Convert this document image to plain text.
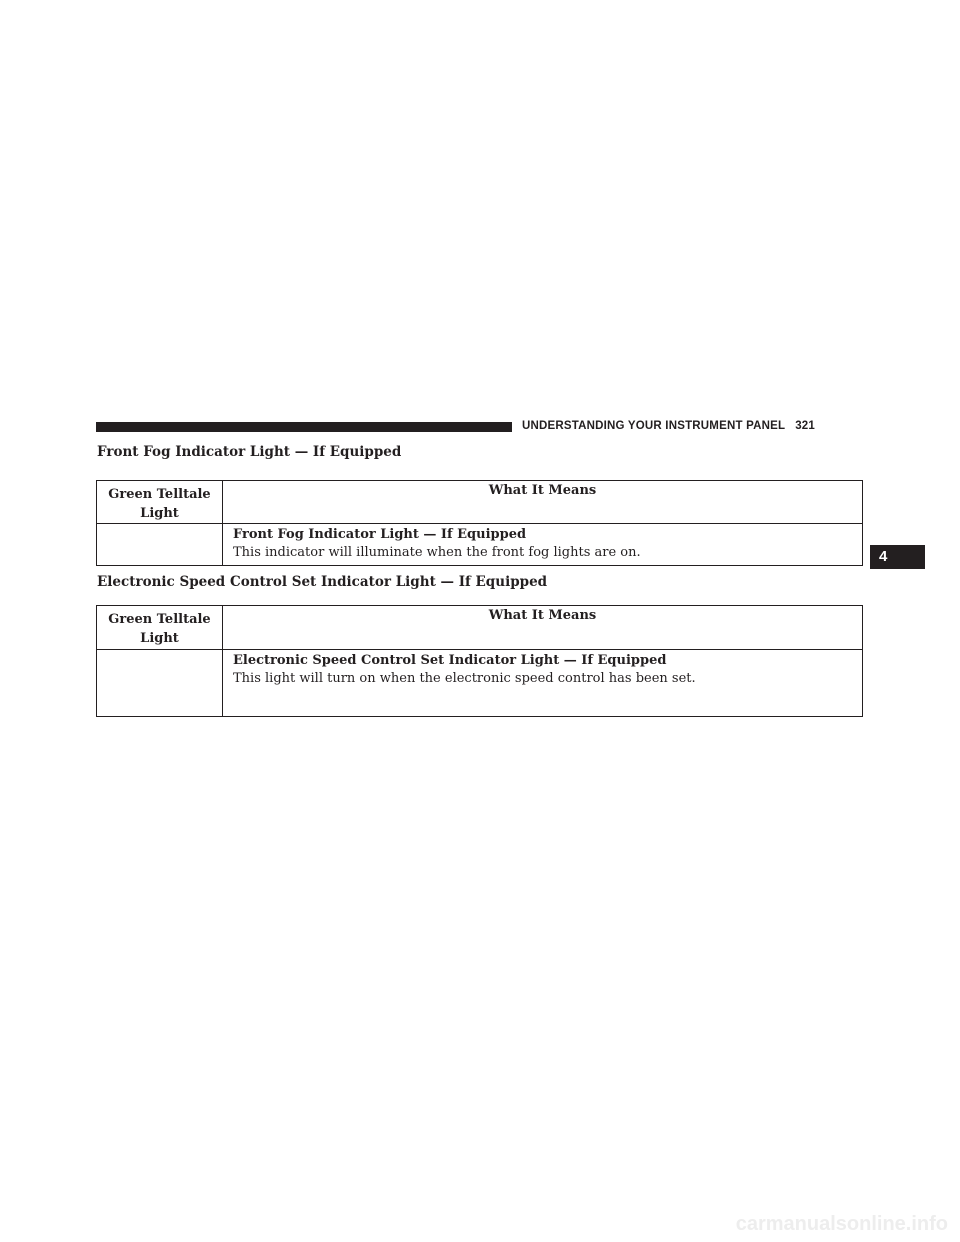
UNDERSTANDING YOUR INSTRUMENT PANEL 321
4
Front Fog Indicator Light — If Equipped
Green Telltale Light	What It Means

	Front Fog Indicator Light — If Equipped
This indicator will illuminate when the front fog lights are on.
Electronic Speed Control Set Indicator Light — If Equipped
Green Telltale Light	What It Means

	Electronic Speed Control Set Indicator Light — If Equipped
This light will turn on when the electronic speed control has been set.
carmanualsonline.info
